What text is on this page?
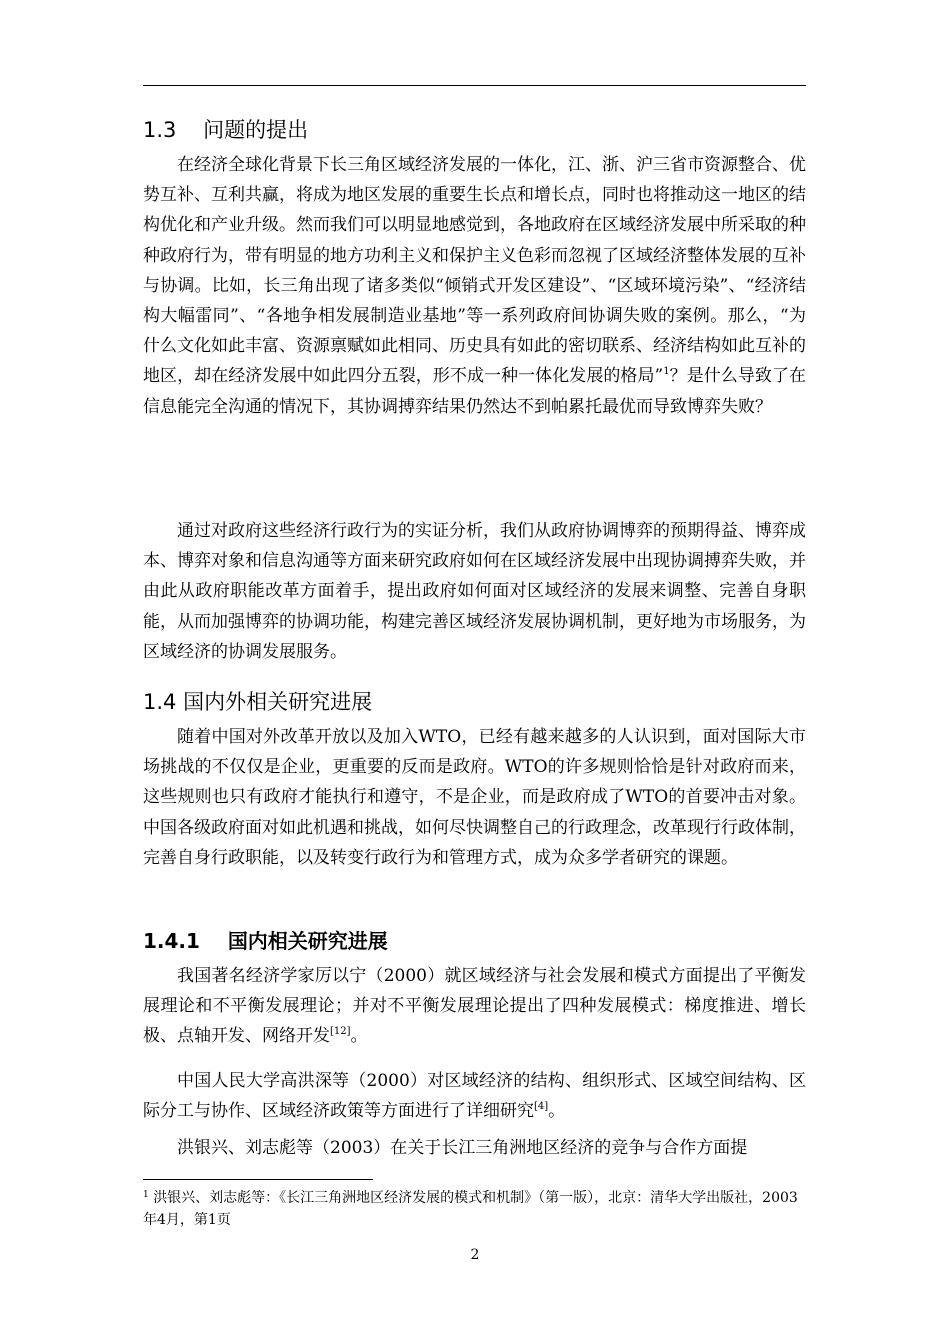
1.3 问题的提出

在经济全球化背景下长三角区域经济发展的一体化，江、浙、沪三省市资源整合、优势互补、互利共赢，将成为地区发展的重要生长点和增长点，同时也将推动这一地区的结构优化和产业升级。然而我们可以明显地感觉到，各地政府在区域经济发展中所采取的种种政府行为，带有明显的地方功利主义和保护主义色彩而忽视了区域经济整体发展的互补与协调。比如，长三角出现了诸多类似“倾销式开发区建设”、“区域环境污染”、“经济结构大幅雷同”、“各地争相发展制造业基地”等一系列政府间协调失败的案例。那么，“为什么文化如此丰富、资源禀赋如此相同、历史具有如此的密切联系、经济结构如此互补的地区，却在经济发展中如此四分五裂，形不成一种一体化发展的格局”$^1$？是什么导致了在信息能完全沟通的情况下，其协调搏弈结果仍然达不到帕累托最优而导致博弈失败？

通过对政府这些经济行政行为的实证分析，我们从政府协调博弈的预期得益、博弈成本、博弈对象和信息沟通等方面来研究政府如何在区域经济发展中出现协调搏弈失败，并由此从政府职能改革方面着手，提出政府如何面对区域经济的发展来调整、完善自身职能，从而加强博弈的协调功能，构建完善区域经济发展协调机制，更好地为市场服务，为区域经济的协调发展服务。

1.4 国内外相关研究进展

随着中国对外改革开放以及加入WTO，已经有越来越多的人认识到，面对国际大市场挑战的不仅仅是企业，更重要的反而是政府。WTO的许多规则恰恰是针对政府而来，这些规则也只有政府才能执行和遵守，不是企业，而是政府成了WTO的首要冲击对象。中国各级政府面对如此机遇和挑战，如何尽快调整自己的行政理念，改革现行行政体制，完善自身行政职能，以及转变行政行为和管理方式，成为众多学者研究的课题。

1.4.1 国内相关研究进展

我国著名经济学家厉以宁（2000）就区域经济与社会发展和模式方面提出了平衡发展理论和不平衡发展理论；并对不平衡发展理论提出了四种发展模式：梯度推进、增长极、点轴开发、网络开发[12]。

中国人民大学高洪深等（2000）对区域经济的结构、组织形式、区域空间结构、区际分工与协作、区域经济政策等方面进行了详细研究[4]。

洪银兴、刘志彪等（2003）在关于长江三角洲地区经济的竞争与合作方面提

$^1$ 洪银兴、刘志彪等：《长江三角洲地区经济发展的模式和机制》（第一版），北京：清华大学出版社，2003年4月，第1页

2
